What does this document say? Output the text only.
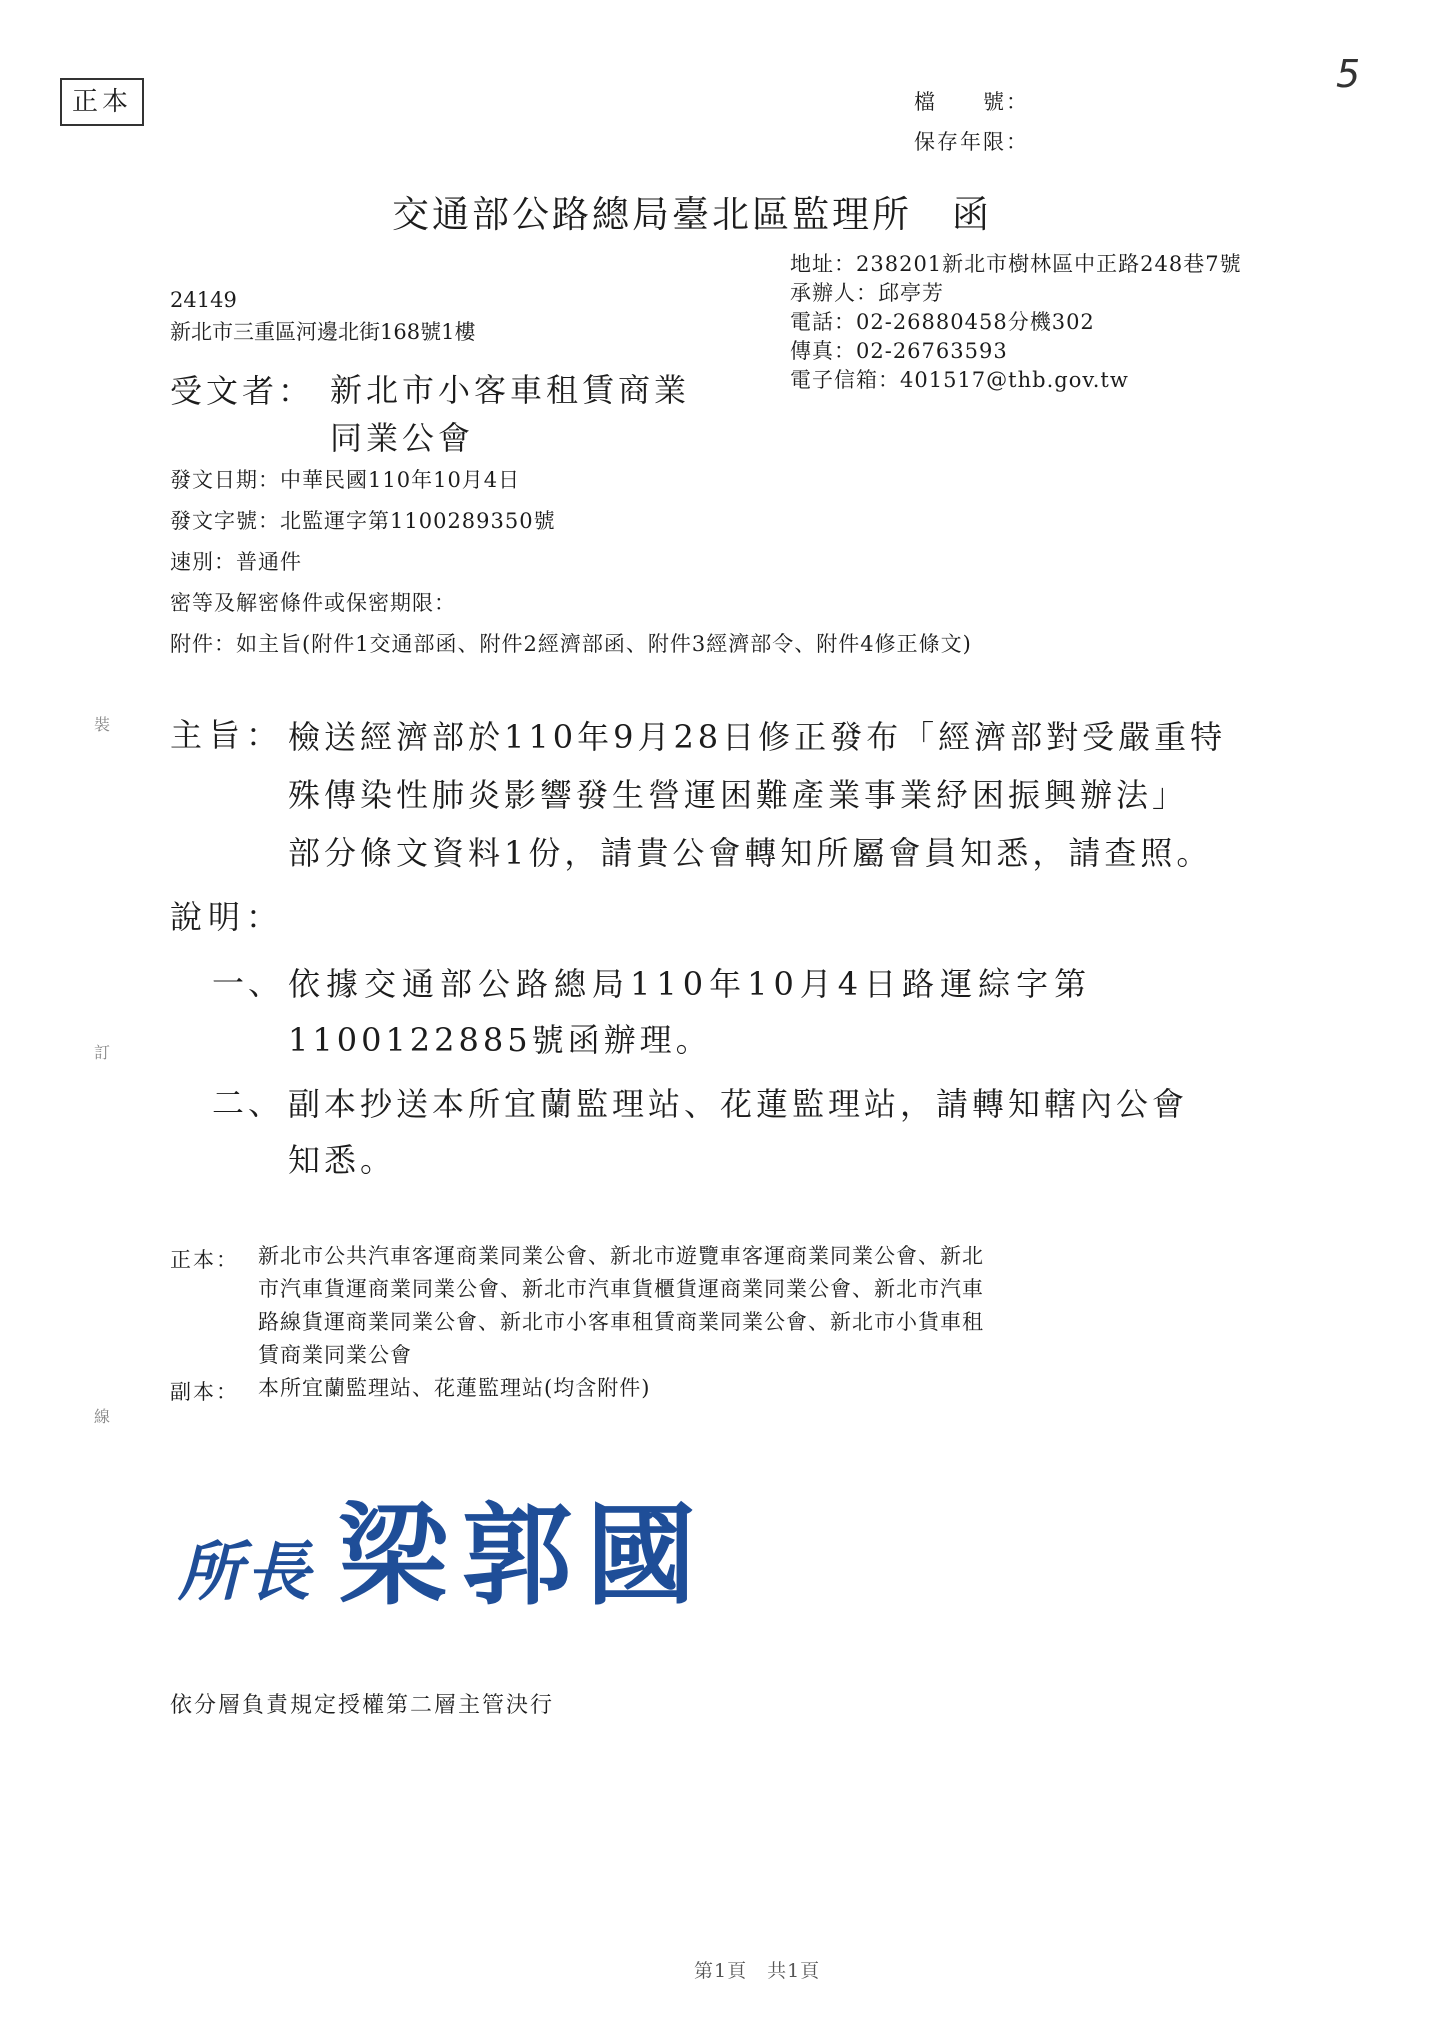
正本
5
檔　　號：
保存年限：
交通部公路總局臺北區監理所　函
地址：238201新北市樹林區中正路248巷7號
承辦人：邱亭芳
電話：02-26880458分機302
傳真：02-26763593
電子信箱：401517@thb.gov.tw
24149
新北市三重區河邊北街168號1樓
受文者： 新北市小客車租賃商業
同業公會
發文日期：中華民國110年10月4日
發文字號：北監運字第1100289350號
速別：普通件
密等及解密條件或保密期限：
附件：如主旨(附件1交通部函、附件2經濟部函、附件3經濟部令、附件4修正條文)
主旨： 檢送經濟部於110年9月28日修正發布「經濟部對受嚴重特
殊傳染性肺炎影響發生營運困難產業事業紓困振興辦法」
部分條文資料1份，請貴公會轉知所屬會員知悉，請查照。
說明：
一、 依據交通部公路總局110年10月4日路運綜字第
1100122885號函辦理。
二、 副本抄送本所宜蘭監理站、花蓮監理站，請轉知轄內公會
知悉。
正本： 新北市公共汽車客運商業同業公會、新北市遊覽車客運商業同業公會、新北
市汽車貨運商業同業公會、新北市汽車貨櫃貨運商業同業公會、新北市汽車
路線貨運商業同業公會、新北市小客車租賃商業同業公會、新北市小貨車租
賃商業同業公會
副本： 本所宜蘭監理站、花蓮監理站(均含附件)
所長 梁郭國
依分層負責規定授權第二層主管決行
第1頁　共1頁
裝
訂
線
